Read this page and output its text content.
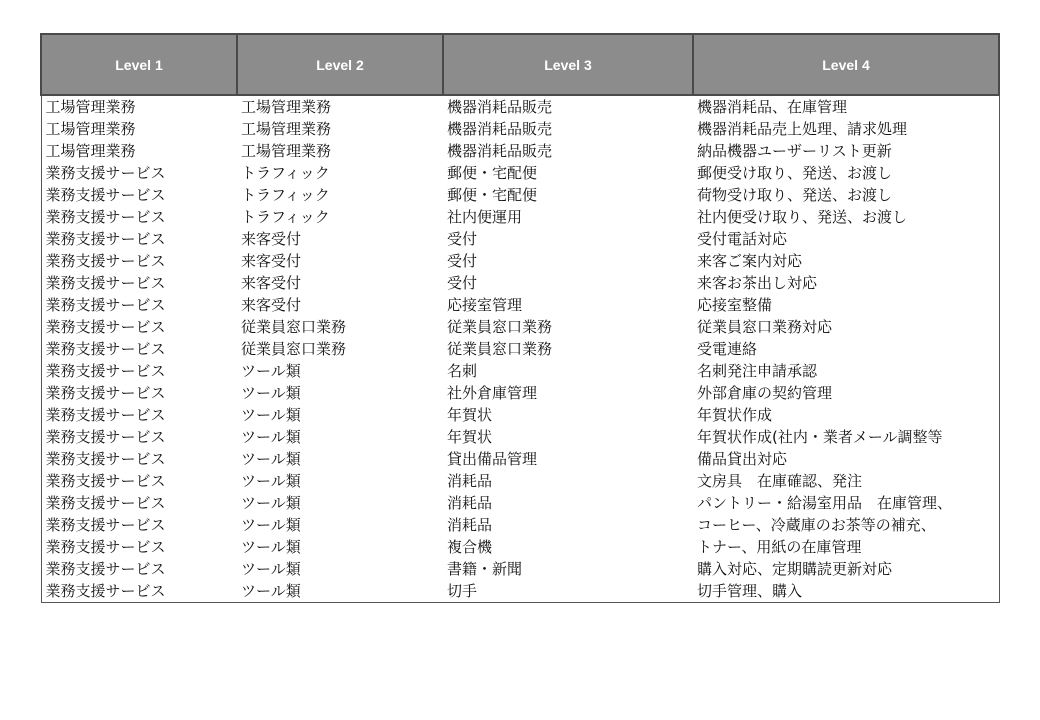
Level 1	Level 2	Level 3	Level 4
工場管理業務	工場管理業務	機器消耗品販売	機器消耗品、在庫管理
工場管理業務	工場管理業務	機器消耗品販売	機器消耗品売上処理、請求処理
工場管理業務	工場管理業務	機器消耗品販売	納品機器ユーザーリスト更新
業務支援サービス	トラフィック	郵便・宅配便	郵便受け取り、発送、お渡し
業務支援サービス	トラフィック	郵便・宅配便	荷物受け取り、発送、お渡し
業務支援サービス	トラフィック	社内便運用	社内便受け取り、発送、お渡し
業務支援サービス	来客受付	受付	受付電話対応
業務支援サービス	来客受付	受付	来客ご案内対応
業務支援サービス	来客受付	受付	来客お茶出し対応
業務支援サービス	来客受付	応接室管理	応接室整備
業務支援サービス	従業員窓口業務	従業員窓口業務	従業員窓口業務対応
業務支援サービス	従業員窓口業務	従業員窓口業務	受電連絡
業務支援サービス	ツール類	名刺	名刺発注申請承認
業務支援サービス	ツール類	社外倉庫管理	外部倉庫の契約管理
業務支援サービス	ツール類	年賀状	年賀状作成
業務支援サービス	ツール類	年賀状	年賀状作成(社内・業者メール調整等
業務支援サービス	ツール類	貸出備品管理	備品貸出対応
業務支援サービス	ツール類	消耗品	文房具　在庫確認、発注
業務支援サービス	ツール類	消耗品	パントリー・給湯室用品　在庫管理、
業務支援サービス	ツール類	消耗品	コーヒー、冷蔵庫のお茶等の補充、
業務支援サービス	ツール類	複合機	トナー、用紙の在庫管理
業務支援サービス	ツール類	書籍・新聞	購入対応、定期購読更新対応
業務支援サービス	ツール類	切手	切手管理、購入
